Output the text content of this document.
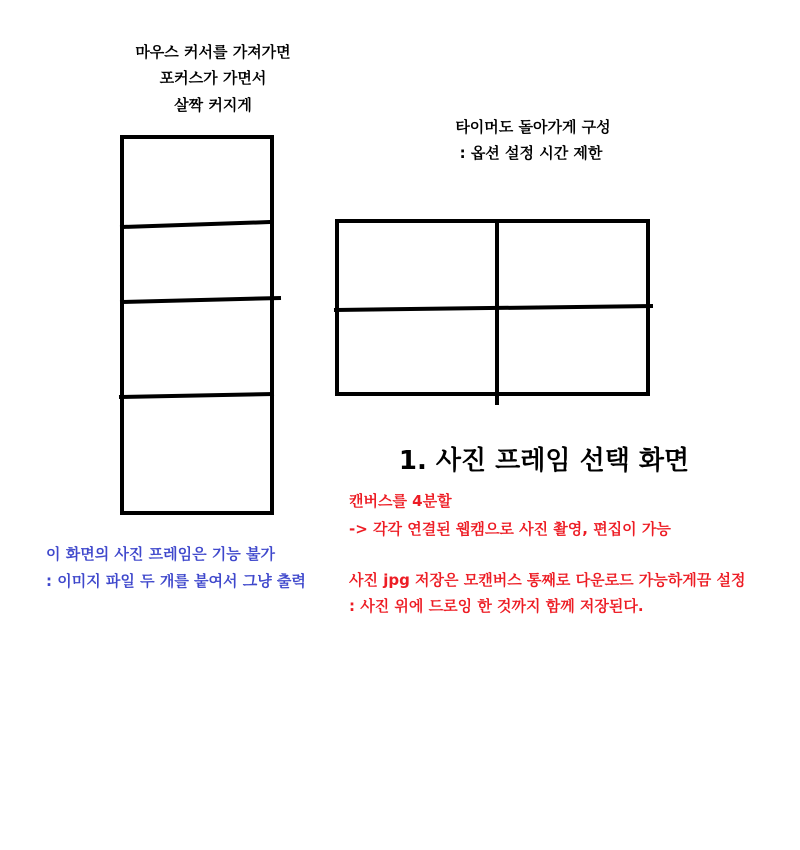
마우스 커서를 가져가면
포커스가 가면서
살짝 커지게
타이머도 돌아가게 구성
: 옵션 설정 시간 제한
1. 사진 프레임 선택 화면
캔버스를 4분할
-> 각각 연결된 웹캠으로 사진 촬영, 편집이 가능
사진 jpg 저장은 모캔버스 통째로 다운로드 가능하게끔 설정
: 사진 위에 드로잉 한 것까지 함께 저장된다.
이 화면의 사진 프레임은 기능 불가
: 이미지 파일 두 개를 붙여서 그냥 출력
